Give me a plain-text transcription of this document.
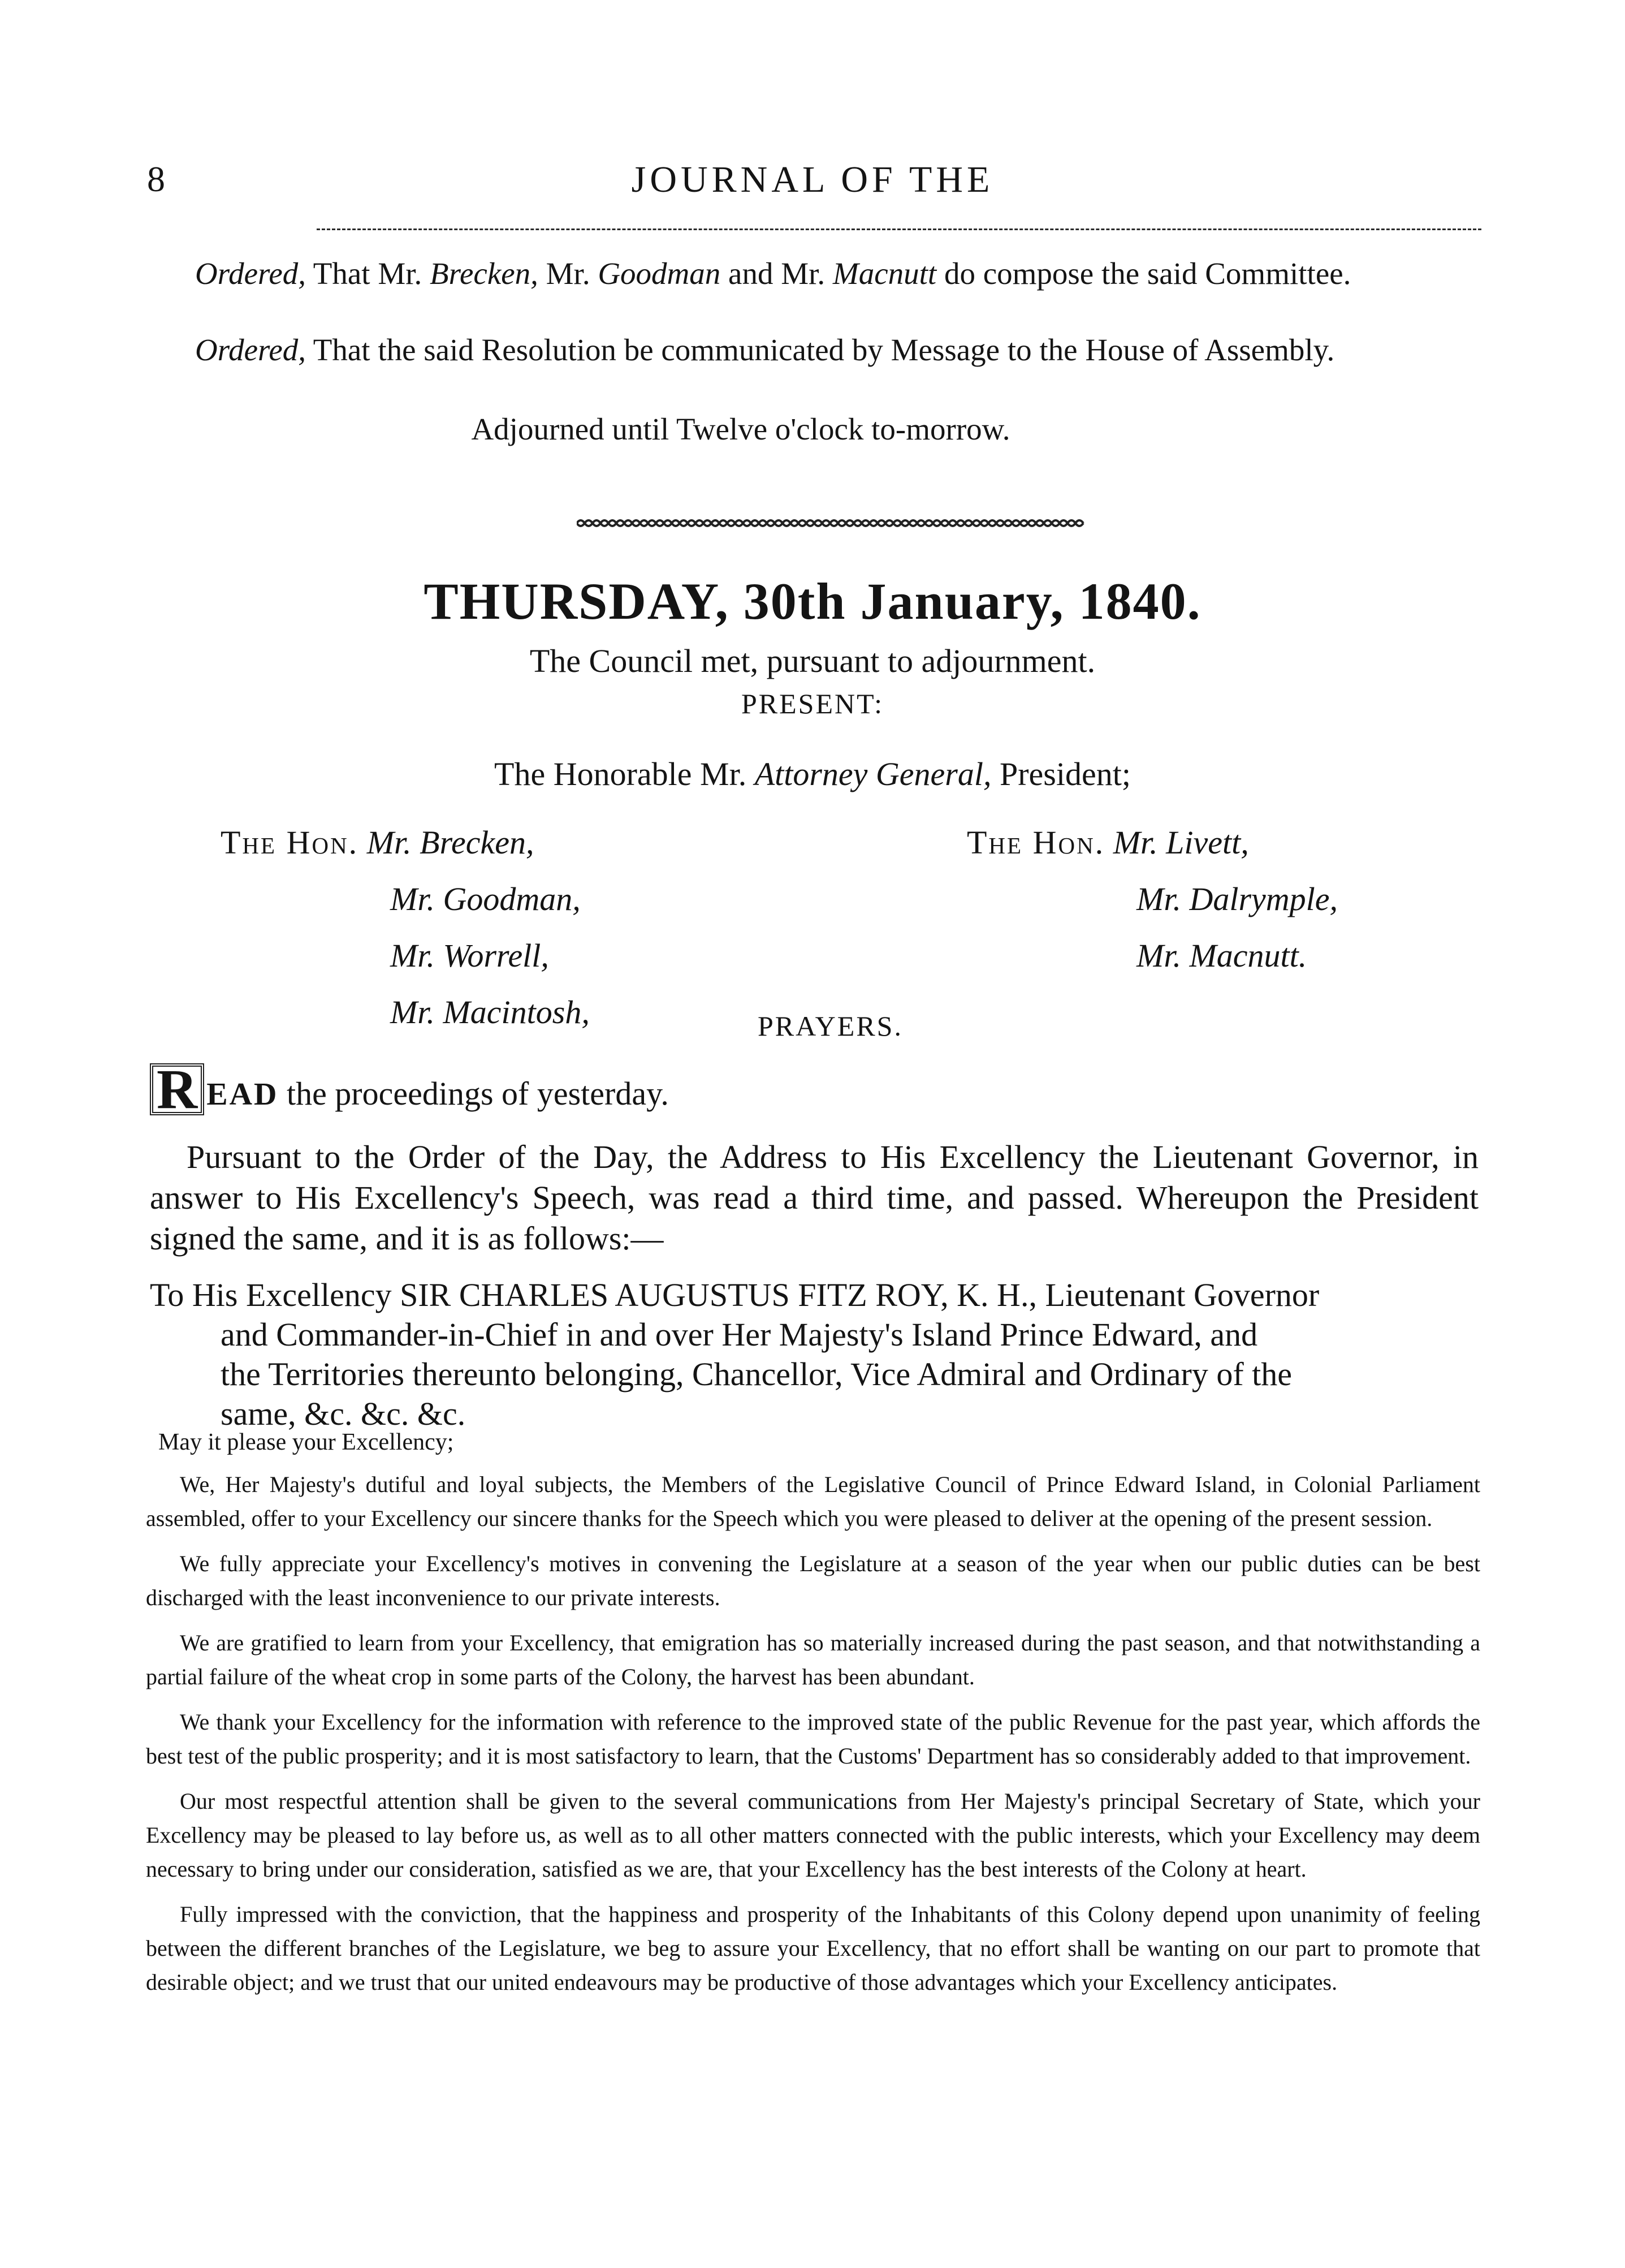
8	JOURNAL OF THE
Ordered, That Mr. Brecken, Mr. Goodman and Mr. Macnutt do compose the said Committee.
Ordered, That the said Resolution be communicated by Message to the House of Assembly.
Adjourned until Twelve o'clock to-morrow.
THURSDAY, 30th January, 1840.
The Council met, pursuant to adjournment.
PRESENT:
The Honorable Mr. Attorney General, President;
The Hon. Mr. Brecken,
Mr. Goodman,
Mr. Worrell,
Mr. Macintosh,
The Hon. Mr. Livett,
Mr. Dalrymple,
Mr. Macnutt.
PRAYERS.
R EAD the proceedings of yesterday.
Pursuant to the Order of the Day, the Address to His Excellency the Lieutenant Governor, in answer to His Excellency's Speech, was read a third time, and passed. Whereupon the President signed the same, and it is as follows:—
To His Excellency SIR CHARLES AUGUSTUS FITZ ROY, K. H., Lieutenant Governor
and Commander-in-Chief in and over Her Majesty's Island Prince Edward, and
the Territories thereunto belonging, Chancellor, Vice Admiral and Ordinary of the
same, &c. &c. &c.

May it please your Excellency;

We, Her Majesty's dutiful and loyal subjects, the Members of the Legislative Council of Prince Edward Island, in Colonial Parliament assembled, offer to your Excellency our sincere thanks for the Speech which you were pleased to deliver at the opening of the present session.

We fully appreciate your Excellency's motives in convening the Legislature at a season of the year when our public duties can be best discharged with the least inconvenience to our private interests.

We are gratified to learn from your Excellency, that emigration has so materially increased during the past season, and that notwithstanding a partial failure of the wheat crop in some parts of the Colony, the harvest has been abundant.

We thank your Excellency for the information with reference to the improved state of the public Revenue for the past year, which affords the best test of the public prosperity; and it is most satisfactory to learn, that the Customs' Department has so considerably added to that improvement.

Our most respectful attention shall be given to the several communications from Her Majesty's principal Secretary of State, which your Excellency may be pleased to lay before us, as well as to all other matters connected with the public interests, which your Excellency may deem necessary to bring under our consideration, satisfied as we are, that your Excellency has the best interests of the Colony at heart.

Fully impressed with the conviction, that the happiness and prosperity of the Inhabitants of this Colony depend upon unanimity of feeling between the different branches of the Legislature, we beg to assure your Excellency, that no effort shall be wanting on our part to promote that desirable object; and we trust that our united endeavours may be productive of those advantages which your Excellency anticipates.
